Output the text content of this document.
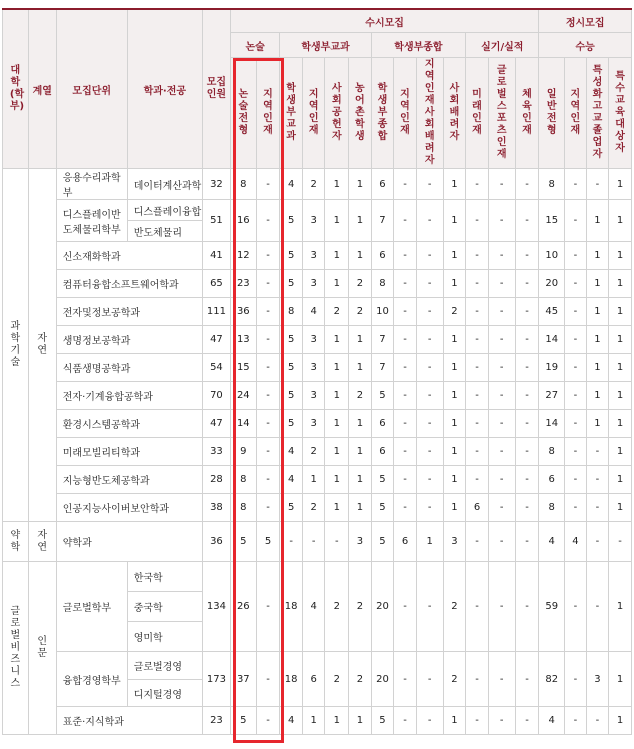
대학(학부)	계열	모집단위	학과·전공	모집인원	수시모집													정시모집			
					논술		학생부교과				학생부종합				실기/실적			수능			
					논술전형	지역인재	학생부교과	지역인재	사회공헌자	농어촌학생	학생부종합	지역인재	지역인재사회배려자	사회배려자	미래인재	글로벌스포츠인재	체육인재	일반전형	지역인재	특성화고교졸업자	특수교육대상자
과학기술	자연	응용수리과학부	데이터계산과학	32	8	-	4	2	1	1	6	-	-	1	-	-	-	8	-	-	1
		디스플레이반도체물리학부	디스플레이융합	51	16	-	5	3	1	1	7	-	-	1	-	-	-	15	-	1	1
			반도체물리																		
		신소재화학과		41	12	-	5	3	1	1	6	-	-	1	-	-	-	10	-	1	1
		컴퓨터융합소프트웨어학과		65	23	-	5	3	1	2	8	-	-	1	-	-	-	20	-	1	1
		전자및정보공학과		111	36	-	8	4	2	2	10	-	-	2	-	-	-	45	-	1	1
		생명정보공학과		47	13	-	5	3	1	1	7	-	-	1	-	-	-	14	-	1	1
		식품생명공학과		54	15	-	5	3	1	1	7	-	-	1	-	-	-	19	-	1	1
		전자·기계융합공학과		70	24	-	5	3	1	2	5	-	-	1	-	-	-	27	-	1	1
		환경시스템공학과		47	14	-	5	3	1	1	6	-	-	1	-	-	-	14	-	1	1
		미래모빌리티학과		33	9	-	4	2	1	1	6	-	-	1	-	-	-	8	-	-	1
		지능형반도체공학과		28	8	-	4	1	1	1	5	-	-	1	-	-	-	6	-	-	1
		인공지능사이버보안학과		38	8	-	5	2	1	1	5	-	-	1	6	-	-	8	-	-	1
약학	자연	약학과		36	5	5	-	-	-	3	5	6	1	3	-	-	-	4	4	-	-
글로벌비즈니스	인문	글로벌학부	한국학	134	26	-	18	4	2	2	20	-	-	2	-	-	-	59	-	-	1
			중국학																		
			영미학																		
		융합경영학부	글로벌경영	173	37	-	18	6	2	2	20	-	-	2	-	-	-	82	-	3	1
			디지털경영																		
		표준·지식학과		23	5	-	4	1	1	1	5	-	-	1	-	-	-	4	-	-	1
